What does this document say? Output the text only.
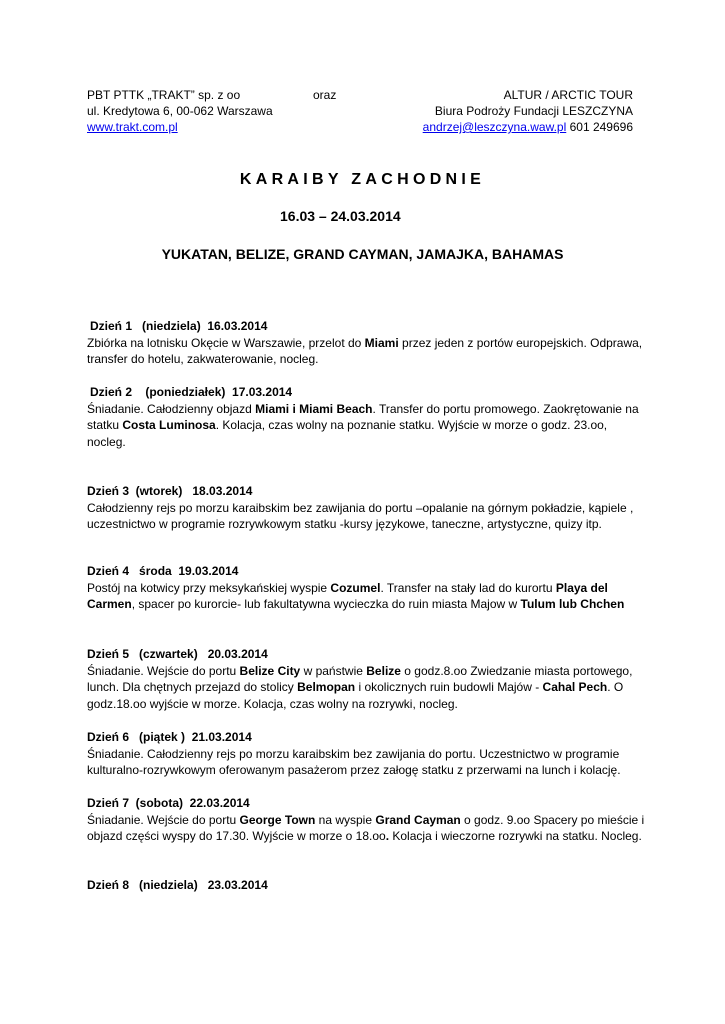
PBT PTTK „TRAKT” sp. z oo	oraz	ALTUR / ARCTIC TOUR
ul. Kredytowa 6, 00-062 Warszawa	Biura Podroży Fundacji LESZCZYNA
www.trakt.com.pl	andrzej@leszczyna.waw.pl 601 249696
KARAIBY ZACHODNIE
16.03 – 24.03.2014
YUKATAN, BELIZE, GRAND CAYMAN, JAMAJKA, BAHAMAS
Dzień 1   (niedziela)  16.03.2014

Zbiórka na lotnisku Okęcie w Warszawie, przelot do Miami przez jeden z portów europejskich. Odprawa, transfer do hotelu, zakwaterowanie, nocleg.

Dzień 2    (poniedziałek)  17.03.2014

Śniadanie. Całodzienny objazd Miami i Miami Beach. Transfer do portu promowego. Zaokrętowanie na statku Costa Luminosa. Kolacja, czas wolny na poznanie statku. Wyjście w morze o godz. 23.oo, nocleg.

Dzień 3  (wtorek)   18.03.2014

Całodzienny rejs po morzu karaibskim bez zawijania do portu –opalanie na górnym pokładzie, kąpiele , uczestnictwo w programie rozrywkowym statku -kursy językowe, taneczne, artystyczne, quizy itp.

Dzień 4   środa  19.03.2014

Postój na kotwicy przy meksykańskiej wyspie Cozumel. Transfer na stały lad do kurortu Playa del Carmen, spacer po kurorcie- lub fakultatywna wycieczka do ruin miasta Majow w Tulum lub Chchen

Dzień 5   (czwartek)   20.03.2014

Śniadanie. Wejście do portu Belize City w państwie Belize o godz.8.oo Zwiedzanie miasta portowego, lunch. Dla chętnych przejazd do stolicy Belmopan i okolicznych ruin budowli Majów - Cahal Pech. O godz.18.oo wyjście w morze. Kolacja, czas wolny na rozrywki, nocleg.

Dzień 6   (piątek )  21.03.2014

Śniadanie. Całodzienny rejs po morzu karaibskim bez zawijania do portu. Uczestnictwo w programie kulturalno-rozrywkowym oferowanym pasażerom przez załogę statku z przerwami na lunch i kolację.

Dzień 7  (sobota)  22.03.2014

Śniadanie. Wejście do portu George Town na wyspie Grand Cayman o godz. 9.oo Spacery po mieście i objazd części wyspy do 17.30. Wyjście w morze o 18.oo. Kolacja i wieczorne rozrywki na statku. Nocleg.

Dzień 8   (niedziela)   23.03.2014
